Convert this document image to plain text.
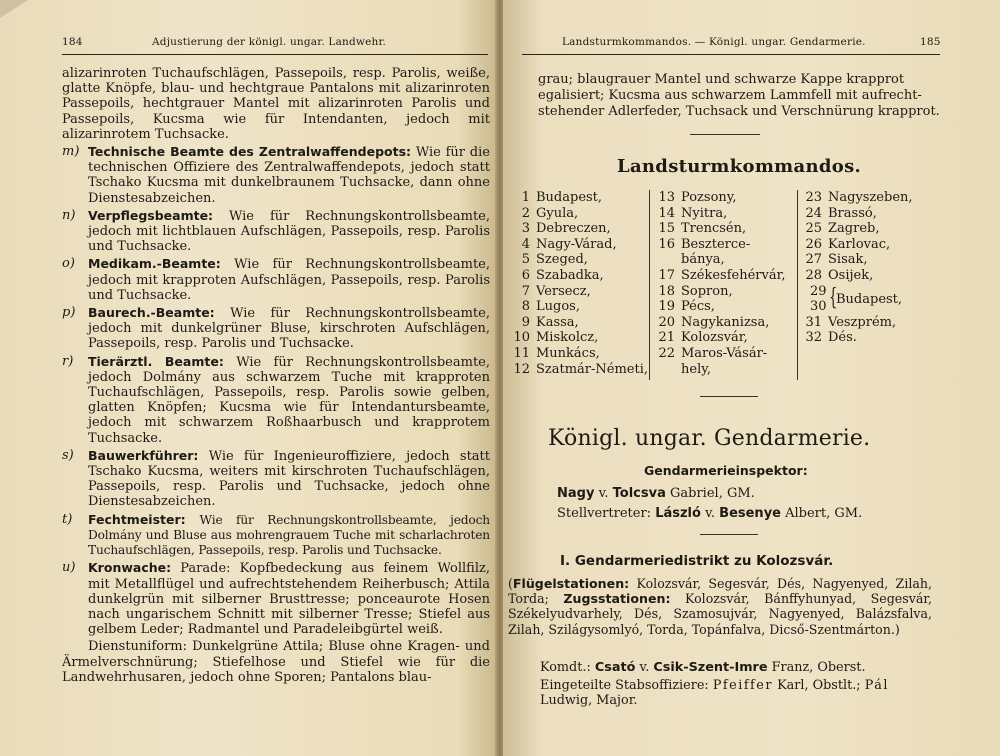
184	Adjustierung der königl. ungar. Landwehr.

alizarinroten Tuchaufschlägen, Passepoils, resp. Parolis, weiße, glatte Knöpfe, blau- und hechtgraue Pantalons mit alizarinroten Passepoils, hechtgrauer Mantel mit alizarinroten Parolis und Passepoils, Kucsma wie für Intendanten, jedoch mit alizarinrotem Tuchsacke.

m) Technische Beamte des Zentralwaffendepots: Wie für die technischen Offiziere des Zentralwaffendepots, jedoch statt Tschako Kucsma mit dunkelbraunem Tuchsacke, dann ohne Dienstesabzeichen.
n) Verpflegsbeamte: Wie für Rechnungskontrollsbeamte, jedoch mit lichtblauen Aufschlägen, Passepoils, resp. Parolis und Tuchsacke.
o) Medikam.-Beamte: Wie für Rechnungskontrollsbeamte, jedoch mit krapproten Aufschlägen, Passepoils, resp. Parolis und Tuchsacke.
p) Baurech.-Beamte: Wie für Rechnungskontrollsbeamte, jedoch mit dunkelgrüner Bluse, kirschroten Aufschlägen, Passepoils, resp. Parolis und Tuchsacke.
r) Tierärztl. Beamte: Wie für Rechnungskontrollsbeamte, jedoch Dolmány aus schwarzem Tuche mit krapproten Tuchaufschlägen, Passepoils, resp. Parolis sowie gelben, glatten Knöpfen; Kucsma wie für Intendantursbeamte, jedoch mit schwarzem Roßhaarbusch und krapprotem Tuchsacke.
s) Bauwerkführer: Wie für Ingenieuroffiziere, jedoch statt Tschako Kucsma, weiters mit kirschroten Tuchaufschlägen, Passepoils, resp. Parolis und Tuchsacke, jedoch ohne Dienstesabzeichen.
t) Fechtmeister: Wie für Rechnungskontrollsbeamte, jedoch Dolmány und Bluse aus mohrengrauem Tuche mit scharlachroten Tuchaufschlägen, Passepoils, resp. Parolis und Tuchsacke.
u) Kronwache: Parade: Kopfbedeckung aus feinem Wollfilz, mit Metallflügel und aufrechtstehendem Reiherbusch; Attila dunkelgrün mit silberner Brusttresse; ponceaurote Hosen nach ungarischem Schnitt mit silberner Tresse; Stiefel aus gelbem Leder; Radmantel und Paradeleibgürtel weiß.

Dienstuniform: Dunkelgrüne Attila; Bluse ohne Kragen- und Ärmelverschnürung; Stiefelhose und Stiefel wie für die Landwehrhusaren, jedoch ohne Sporen; Pantalons blau-

Landsturmkommandos. — Königl. ungar. Gendarmerie.	185
grau; blaugrauer Mantel und schwarze Kappe krapprot
egalisiert; Kucsma aus schwarzem Lammfell mit aufrecht-
stehender Adlerfeder, Tuchsack und Verschnürung krapprot.
Landsturmkommandos.
1 Budapest,
2 Gyula,
3 Debreczen,
4 Nagy-Várad,
5 Szeged,
6 Szabadka,
7 Versecz,
8 Lugos,
9 Kassa,
10 Miskolcz,
11 Munkács,
12 Szatmár-Németi,
13 Pozsony,
14 Nyitra,
15 Trencsén,
16 Beszterce-
bánya,
17 Székesfehérvár,
18 Sopron,
19 Pécs,
20 Nagykanizsa,
21 Kolozsvár,
22 Maros-Vásár-
hely,
23 Nagyszeben,
24 Brassó,
25 Zagreb,
26 Karlovac,
27 Sisak,
28 Osijek,
29
30 {
Budapest,
31 Veszprém,
32 Dés.
Königl. ungar. Gendarmerie.
Gendarmerieinspektor:
Nagy v. Tolcsva Gabriel, GM.
Stellvertreter: László v. Besenye Albert, GM.
I. Gendarmeriedistrikt zu Kolozsvár.
(Flügelstationen: Kolozsvár, Segesvár, Dés, Nagyenyed, Zilah, Torda; Zugsstationen: Kolozsvár, Bánffyhunyad, Segesvár, Székelyudvarhely, Dés, Szamosujvár, Nagyenyed, Balázsfalva, Zilah, Szilágysomlyó, Torda, Topánfalva, Dicső-Szentmárton.)
Komdt.: Csató v. Csik-Szent-Imre Franz, Oberst.
Eingeteilte Stabsoffiziere: Pfeiffer Karl, Obstlt.; Pál Ludwig, Major.
